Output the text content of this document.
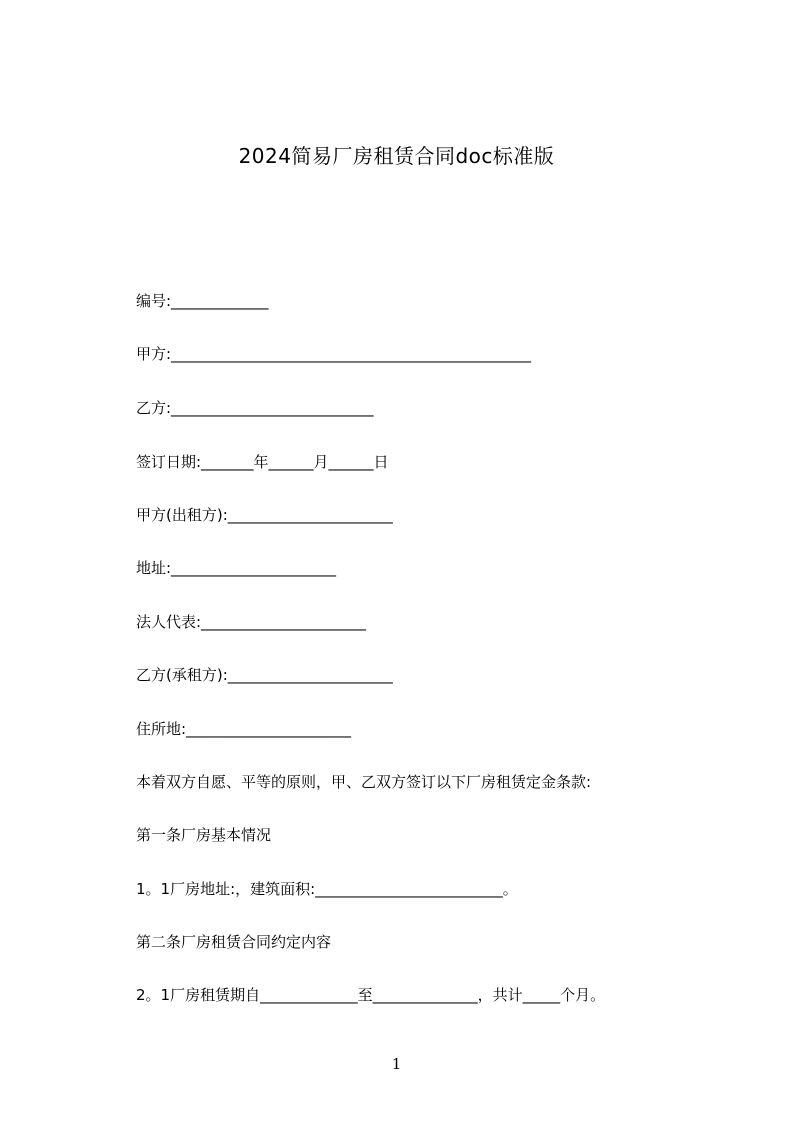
2024简易厂房租赁合同doc标准版
编号:_____________
甲方:________________________________________________
乙方:___________________________
签订日期:_______年______月______日
甲方(出租方):______________________
地址:______________________
法人代表:______________________
乙方(承租方):______________________
住所地:______________________
本着双方自愿、平等的原则，甲、乙双方签订以下厂房租赁定金条款:
第一条厂房基本情况
1。1厂房地址:，建筑面积:_________________________。
第二条厂房租赁合同约定内容
2。1厂房租赁期自_____________至______________，共计_____个月。
1
